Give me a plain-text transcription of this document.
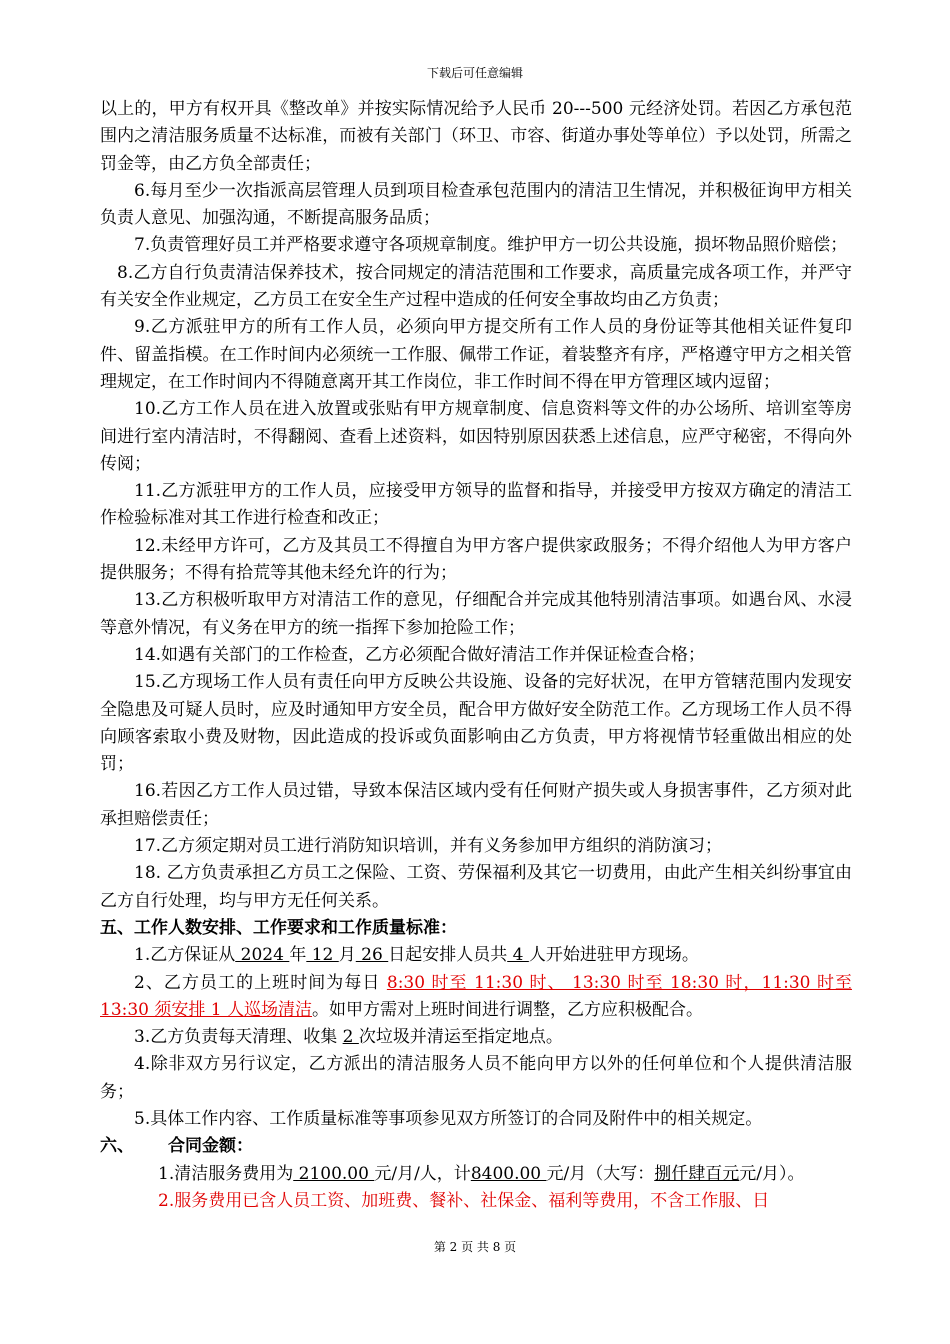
下载后可任意编辑

以上的，甲方有权开具《整改单》并按实际情况给予人民币 20---500 元经济处罚。若因乙方承包范围内之清洁服务质量不达标准，而被有关部门（环卫、市容、街道办事处等单位）予以处罚，所需之罚金等，由乙方负全部责任；

6.每月至少一次指派高层管理人员到项目检查承包范围内的清洁卫生情况，并积极征询甲方相关负责人意见、加强沟通，不断提高服务品质；

7.负责管理好员工并严格要求遵守各项规章制度。维护甲方一切公共设施，损坏物品照价赔偿；

8.乙方自行负责清洁保养技术，按合同规定的清洁范围和工作要求，高质量完成各项工作，并严守有关安全作业规定，乙方员工在安全生产过程中造成的任何安全事故均由乙方负责；

9.乙方派驻甲方的所有工作人员，必须向甲方提交所有工作人员的身份证等其他相关证件复印件、留盖指模。在工作时间内必须统一工作服、佩带工作证，着装整齐有序，严格遵守甲方之相关管理规定，在工作时间内不得随意离开其工作岗位，非工作时间不得在甲方管理区域内逗留；

10.乙方工作人员在进入放置或张贴有甲方规章制度、信息资料等文件的办公场所、培训室等房间进行室内清洁时，不得翻阅、查看上述资料，如因特别原因获悉上述信息，应严守秘密，不得向外传阅；

11.乙方派驻甲方的工作人员，应接受甲方领导的监督和指导，并接受甲方按双方确定的清洁工作检验标准对其工作进行检查和改正；

12.未经甲方许可，乙方及其员工不得擅自为甲方客户提供家政服务；不得介绍他人为甲方客户提供服务；不得有拾荒等其他未经允许的行为；

13.乙方积极听取甲方对清洁工作的意见，仔细配合并完成其他特别清洁事项。如遇台风、水浸等意外情况，有义务在甲方的统一指挥下参加抢险工作；

14.如遇有关部门的工作检查，乙方必须配合做好清洁工作并保证检查合格；

15.乙方现场工作人员有责任向甲方反映公共设施、设备的完好状况，在甲方管辖范围内发现安全隐患及可疑人员时，应及时通知甲方安全员，配合甲方做好安全防范工作。乙方现场工作人员不得向顾客索取小费及财物，因此造成的投诉或负面影响由乙方负责，甲方将视情节轻重做出相应的处罚；

16.若因乙方工作人员过错，导致本保洁区域内受有任何财产损失或人身损害事件，乙方须对此承担赔偿责任；

17.乙方须定期对员工进行消防知识培训，并有义务参加甲方组织的消防演习；

18. 乙方负责承担乙方员工之保险、工资、劳保福利及其它一切费用，由此产生相关纠纷事宜由乙方自行处理，均与甲方无任何关系。

五、工作人数安排、工作要求和工作质量标准：

1.乙方保证从 2024 年 12 月 26 日起安排人员共 4 人开始进驻甲方现场。

2、乙方员工的上班时间为每日 8:30 时至 11:30 时、 13:30 时至 18:30 时，11:30 时至 13:30 须安排 1 人巡场清洁。如甲方需对上班时间进行调整，乙方应积极配合。

3.乙方负责每天清理、收集 2 次垃圾并清运至指定地点。

4.除非双方另行议定，乙方派出的清洁服务人员不能向甲方以外的任何单位和个人提供清洁服务；

5.具体工作内容、工作质量标准等事项参见双方所签订的合同及附件中的相关规定。

六、 合同金额：

1.清洁服务费用为 2100.00 元/月/人，计8400.00 元/月（大写：捌仟肆百元元/月）。

2.服务费用已含人员工资、加班费、餐补、社保金、福利等费用，不含工作服、日

第 2 页 共 8 页
